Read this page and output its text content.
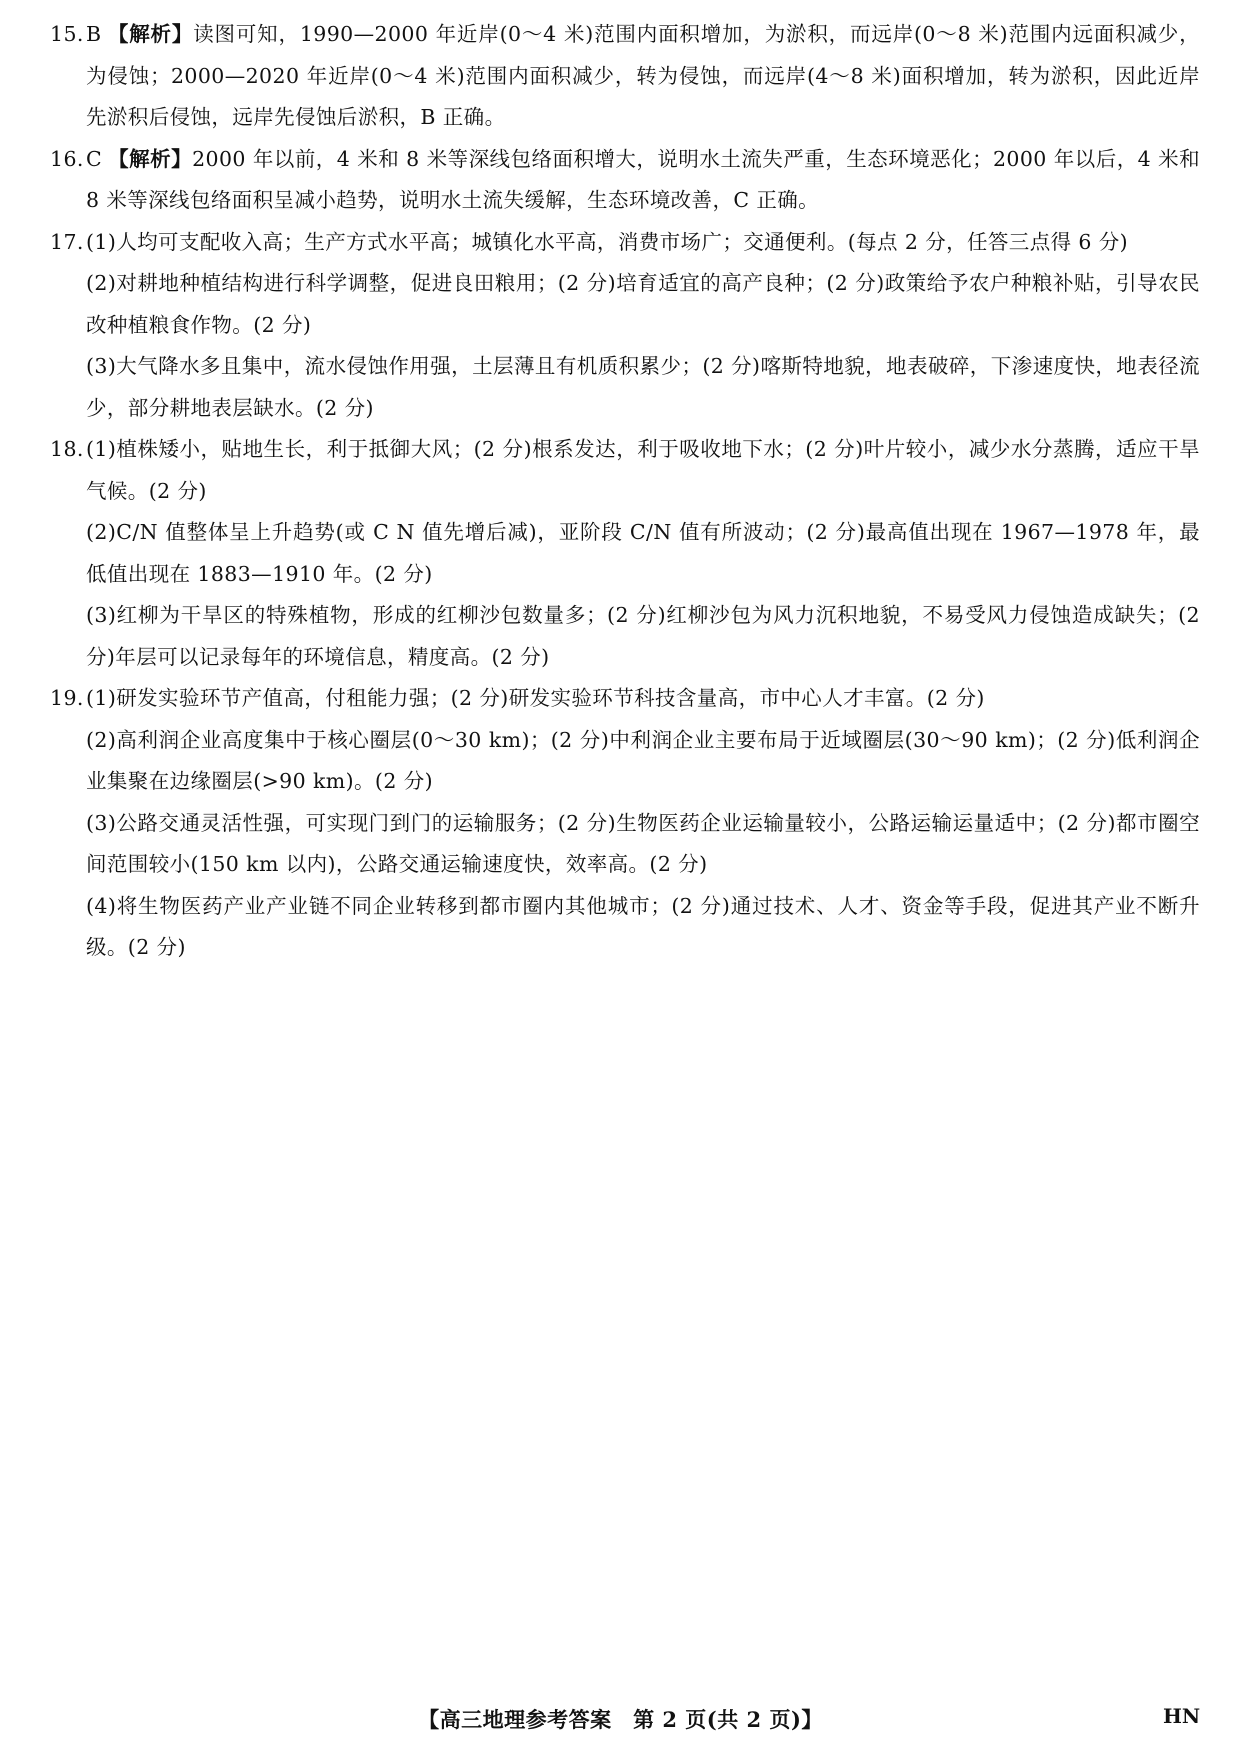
15. B 【解析】读图可知，1990—2000 年近岸(0～4 米)范围内面积增加，为淤积，而远岸(0～8 米)范围内远面积减少，为侵蚀；2000—2020 年近岸(0～4 米)范围内面积减少，转为侵蚀，而远岸(4～8 米)面积增加，转为淤积，因此近岸先淤积后侵蚀，远岸先侵蚀后淤积，B 正确。

16. C 【解析】2000 年以前，4 米和 8 米等深线包络面积增大，说明水土流失严重，生态环境恶化；2000 年以后，4 米和 8 米等深线包络面积呈减小趋势，说明水土流失缓解，生态环境改善，C 正确。

17. (1)人均可支配收入高；生产方式水平高；城镇化水平高，消费市场广；交通便利。(每点 2 分，任答三点得 6 分)

(2)对耕地种植结构进行科学调整，促进良田粮用；(2 分)培育适宜的高产良种；(2 分)政策给予农户种粮补贴，引导农民改种植粮食作物。(2 分)

(3)大气降水多且集中，流水侵蚀作用强，土层薄且有机质积累少；(2 分)喀斯特地貌，地表破碎，下渗速度快，地表径流少，部分耕地表层缺水。(2 分)

18. (1)植株矮小，贴地生长，利于抵御大风；(2 分)根系发达，利于吸收地下水；(2 分)叶片较小，减少水分蒸腾，适应干旱气候。(2 分)

(2)C/N 值整体呈上升趋势(或 C N 值先增后减)，亚阶段 C/N 值有所波动；(2 分)最高值出现在 1967—1978 年，最低值出现在 1883—1910 年。(2 分)

(3)红柳为干旱区的特殊植物，形成的红柳沙包数量多；(2 分)红柳沙包为风力沉积地貌，不易受风力侵蚀造成缺失；(2 分)年层可以记录每年的环境信息，精度高。(2 分)

19. (1)研发实验环节产值高，付租能力强；(2 分)研发实验环节科技含量高，市中心人才丰富。(2 分)

(2)高利润企业高度集中于核心圈层(0～30 km)；(2 分)中利润企业主要布局于近域圈层(30～90 km)；(2 分)低利润企业集聚在边缘圈层(>90 km)。(2 分)

(3)公路交通灵活性强，可实现门到门的运输服务；(2 分)生物医药企业运输量较小，公路运输运量适中；(2 分)都市圈空间范围较小(150 km 以内)，公路交通运输速度快，效率高。(2 分)

(4)将生物医药产业产业链不同企业转移到都市圈内其他城市；(2 分)通过技术、人才、资金等手段，促进其产业不断升级。(2 分)

【高三地理参考答案　第 2 页(共 2 页)】	HN
